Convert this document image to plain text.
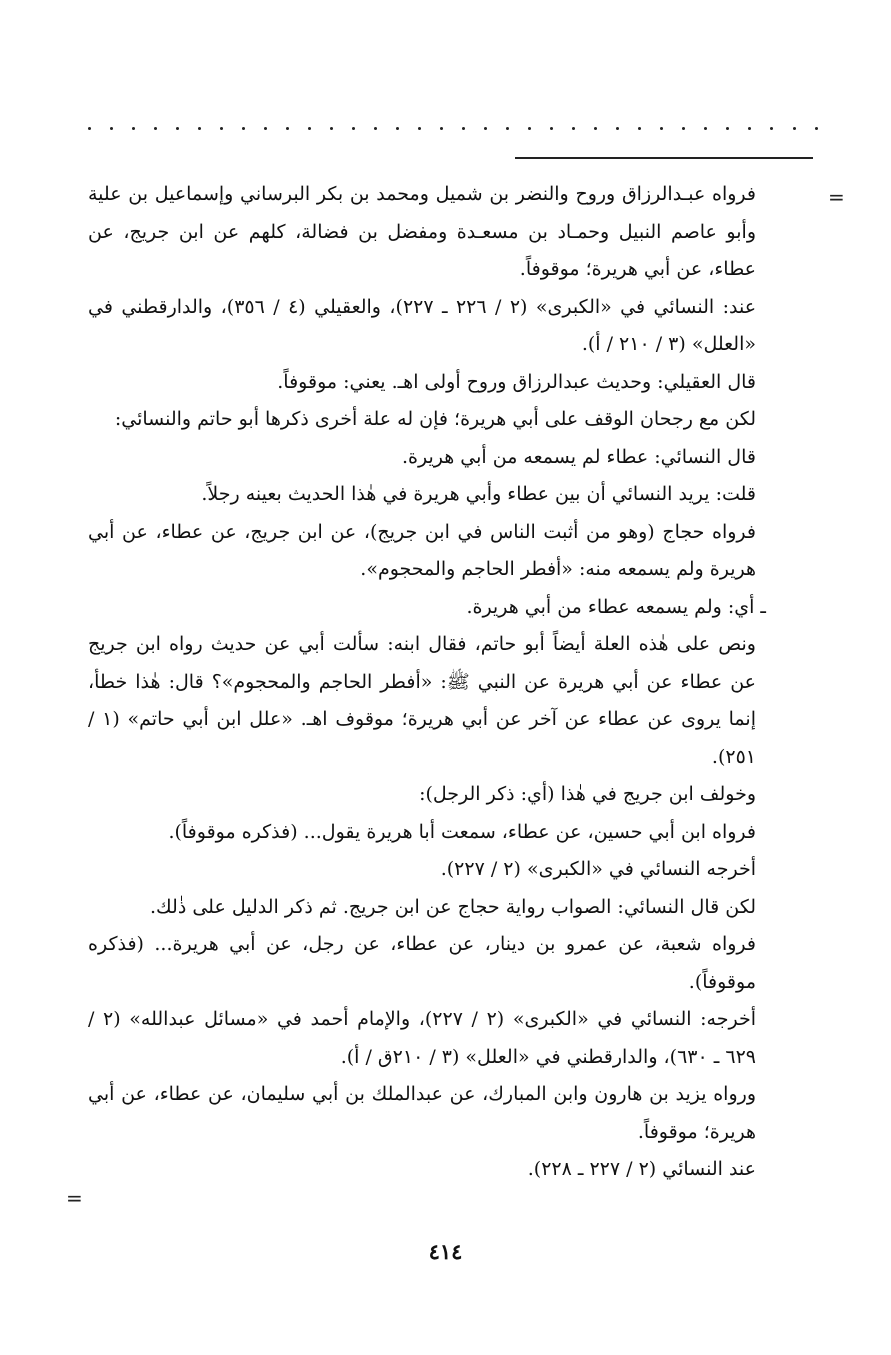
=

فرواه عبـدالرزاق وروح والنضر بن شميل ومحمد بن بكر البرساني وإسماعيل بن علية وأبو عاصم النبيل وحمـاد بن مسعـدة ومفضل بن فضالة، كلهم عن ابن جريج، عن عطاء، عن أبي هريرة؛ موقوفاً.

عند: النسائي في «الكبرى» (٢ / ٢٢٦ ـ ٢٢٧)، والعقيلي (٤ / ٣٥٦)، والدارقطني في «العلل» (٣ / ٢١٠ / أ).

قال العقيلي: وحديث عبدالرزاق وروح أولى اهـ. يعني: موقوفاً.

لكن مع رجحان الوقف على أبي هريرة؛ فإن له علة أخرى ذكرها أبو حاتم والنسائي:

قال النسائي: عطاء لم يسمعه من أبي هريرة.

قلت: يريد النسائي أن بين عطاء وأبي هريرة في هٰذا الحديث بعينه رجلاً.

فرواه حجاج (وهو من أثبت الناس في ابن جريج)، عن ابن جريج، عن عطاء، عن أبي هريرة ولم يسمعه منه: «أفطر الحاجم والمحجوم».

ـ أي: ولم يسمعه عطاء من أبي هريرة.

ونص على هٰذه العلة أيضاً أبو حاتم، فقال ابنه: سألت أبي عن حديث رواه ابن جريج عن عطاء عن أبي هريرة عن النبي ﷺ: «أفطر الحاجم والمحجوم»؟ قال: هٰذا خطأ، إنما يروى عن عطاء عن آخر عن أبي هريرة؛ موقوف اهـ. «علل ابن أبي حاتم» (١ / ٢٥١).

وخولف ابن جريج في هٰذا (أي: ذكر الرجل):

فرواه ابن أبي حسين، عن عطاء، سمعت أبا هريرة يقول... (فذكره موقوفاً).

أخرجه النسائي في «الكبرى» (٢ / ٢٢٧).

لكن قال النسائي: الصواب رواية حجاج عن ابن جريج. ثم ذكر الدليل على ذٰلك.

فرواه شعبة، عن عمرو بن دينار، عن عطاء، عن رجل، عن أبي هريرة... (فذكره موقوفاً).

أخرجه: النسائي في «الكبرى» (٢ / ٢٢٧)، والإمام أحمد في «مسائل عبدالله» (٢ / ٦٢٩ ـ ٦٣٠)، والدارقطني في «العلل» (٣ / ٢١٠ق / أ).

ورواه يزيد بن هارون وابن المبارك، عن عبدالملك بن أبي سليمان، عن عطاء، عن أبي هريرة؛ موقوفاً.

عند النسائي (٢ / ٢٢٧ ـ ٢٢٨).

=
٤١٤
